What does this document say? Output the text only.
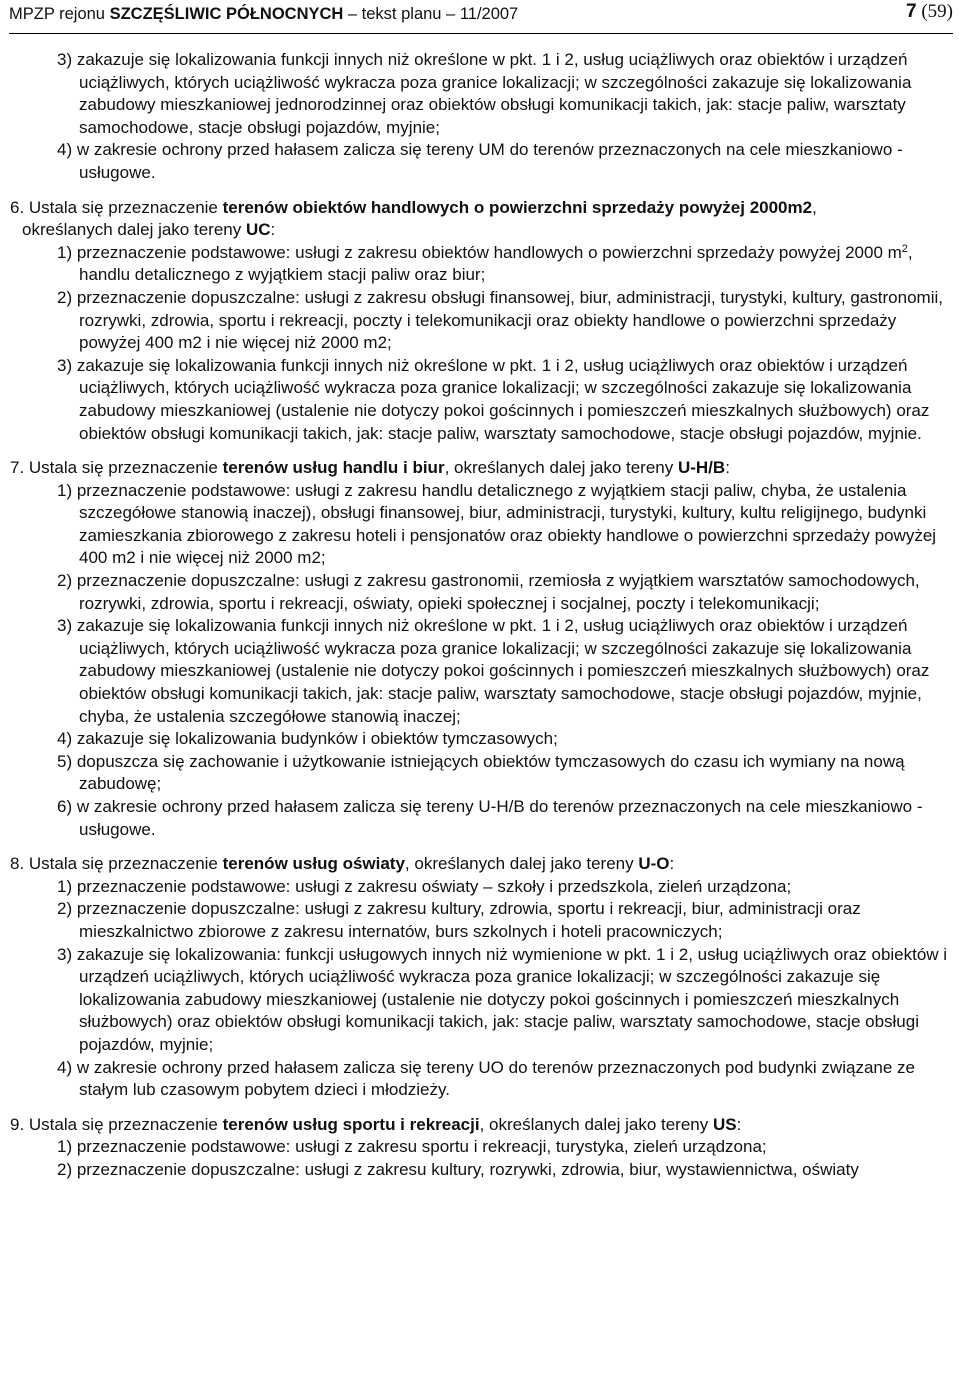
MPZP rejonu SZCZĘŚLIWIC PÓŁNOCNYCH – tekst planu – 11/2007	7 (59)

3) zakazuje się lokalizowania funkcji innych niż określone w pkt. 1 i 2, usług uciążliwych oraz obiektów i urządzeń uciążliwych, których uciążliwość wykracza poza granice lokalizacji; w szczególności zakazuje się lokalizowania zabudowy mieszkaniowej jednorodzinnej oraz obiektów obsługi komunikacji takich, jak: stacje paliw, warsztaty samochodowe, stacje obsługi pojazdów, myjnie;

4) w zakresie ochrony przed hałasem zalicza się tereny UM do terenów przeznaczonych na cele mieszkaniowo - usługowe.

6. Ustala się przeznaczenie terenów obiektów handlowych o powierzchni sprzedaży powyżej 2000m2,

określanych dalej jako tereny UC:

1) przeznaczenie podstawowe: usługi z zakresu obiektów handlowych o powierzchni sprzedaży powyżej 2000 $m^2$, handlu detalicznego z wyjątkiem stacji paliw oraz biur;

2) przeznaczenie dopuszczalne: usługi z zakresu obsługi finansowej, biur, administracji, turystyki, kultury, gastronomii, rozrywki, zdrowia, sportu i rekreacji, poczty i telekomunikacji oraz obiekty handlowe o powierzchni sprzedaży powyżej 400 m2 i nie więcej niż 2000 m2;

3) zakazuje się lokalizowania funkcji innych niż określone w pkt. 1 i 2, usług uciążliwych oraz obiektów i urządzeń uciążliwych, których uciążliwość wykracza poza granice lokalizacji; w szczególności zakazuje się lokalizowania zabudowy mieszkaniowej (ustalenie nie dotyczy pokoi gościnnych i pomieszczeń mieszkalnych służbowych) oraz obiektów obsługi komunikacji takich, jak: stacje paliw, warsztaty samochodowe, stacje obsługi pojazdów, myjnie.

7. Ustala się przeznaczenie terenów usług handlu i biur, określanych dalej jako tereny U-H/B:

1) przeznaczenie podstawowe: usługi z zakresu handlu detalicznego z wyjątkiem stacji paliw, chyba, że ustalenia szczegółowe stanowią inaczej), obsługi finansowej, biur, administracji, turystyki, kultury, kultu religijnego, budynki zamieszkania zbiorowego z zakresu hoteli i pensjonatów oraz obiekty handlowe o powierzchni sprzedaży powyżej 400 m2 i nie więcej niż 2000 m2;

2) przeznaczenie dopuszczalne: usługi z zakresu gastronomii, rzemiosła z wyjątkiem warsztatów samochodowych, rozrywki, zdrowia, sportu i rekreacji, oświaty, opieki społecznej i socjalnej, poczty i telekomunikacji;

3) zakazuje się lokalizowania funkcji innych niż określone w pkt. 1 i 2, usług uciążliwych oraz obiektów i urządzeń uciążliwych, których uciążliwość wykracza poza granice lokalizacji; w szczególności zakazuje się lokalizowania zabudowy mieszkaniowej (ustalenie nie dotyczy pokoi gościnnych i pomieszczeń mieszkalnych służbowych) oraz obiektów obsługi komunikacji takich, jak: stacje paliw, warsztaty samochodowe, stacje obsługi pojazdów, myjnie, chyba, że ustalenia szczegółowe stanowią inaczej;

4) zakazuje się lokalizowania budynków i obiektów tymczasowych;

5) dopuszcza się zachowanie i użytkowanie istniejących obiektów tymczasowych do czasu ich wymiany na nową zabudowę;

6) w zakresie ochrony przed hałasem zalicza się tereny U-H/B do terenów przeznaczonych na cele mieszkaniowo - usługowe.

8. Ustala się przeznaczenie terenów usług oświaty, określanych dalej jako tereny U-O:

1) przeznaczenie podstawowe: usługi z zakresu oświaty – szkoły i przedszkola, zieleń urządzona;

2) przeznaczenie dopuszczalne: usługi z zakresu kultury, zdrowia, sportu i rekreacji, biur, administracji oraz mieszkalnictwo zbiorowe z zakresu internatów, burs szkolnych i hoteli pracowniczych;

3) zakazuje się lokalizowania: funkcji usługowych innych niż wymienione w pkt. 1 i 2, usług uciążliwych oraz obiektów i urządzeń uciążliwych, których uciążliwość wykracza poza granice lokalizacji; w szczególności zakazuje się lokalizowania zabudowy mieszkaniowej (ustalenie nie dotyczy pokoi gościnnych i pomieszczeń mieszkalnych służbowych) oraz obiektów obsługi komunikacji takich, jak: stacje paliw, warsztaty samochodowe, stacje obsługi pojazdów, myjnie;

4) w zakresie ochrony przed hałasem zalicza się tereny UO do terenów przeznaczonych pod budynki związane ze stałym lub czasowym pobytem dzieci i młodzieży.

9. Ustala się przeznaczenie terenów usług sportu i rekreacji, określanych dalej jako tereny US:

1) przeznaczenie podstawowe: usługi z zakresu sportu i rekreacji, turystyka, zieleń urządzona;

2) przeznaczenie dopuszczalne: usługi z zakresu kultury, rozrywki, zdrowia, biur, wystawiennictwa, oświaty
